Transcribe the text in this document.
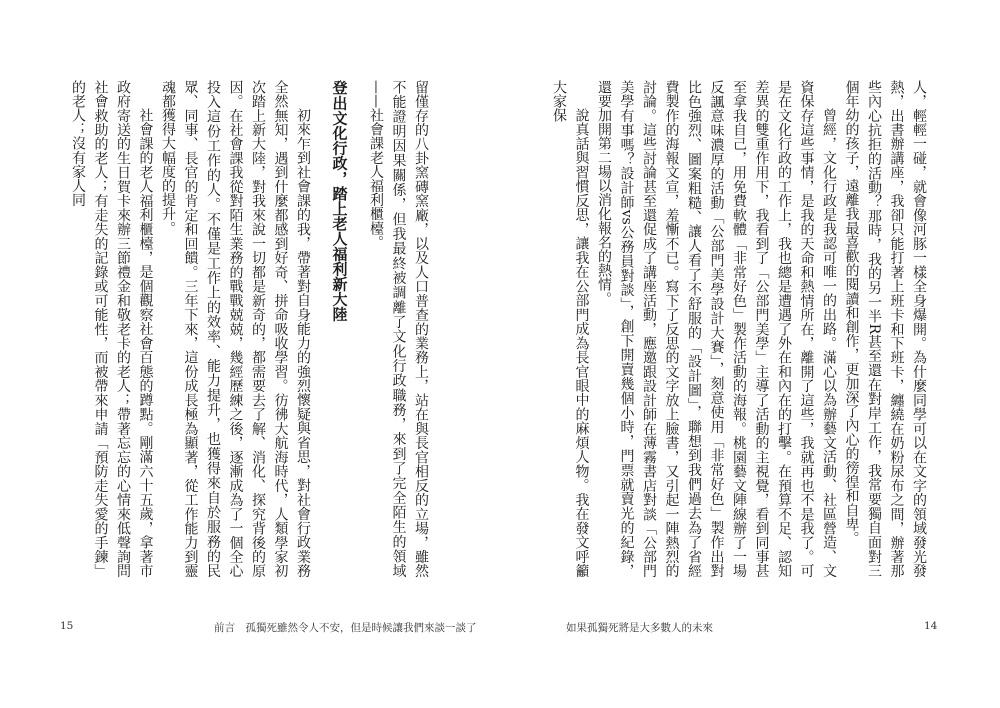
留僅存的八卦窯磚窯廠，以及人口普查的業務上，站在與長官相反的立場，雖然不能證明因果關係，但我最終被調離了文化行政職務，來到了完全陌生的領域——社會課老人福利櫃檯。

登出文化行政，踏上老人福利新大陸

初來乍到社會課的我，帶著對自身能力的強烈懷疑與省思，對社會行政業務全然無知，遇到什麼都感到好奇、拼命吸收學習。彷彿大航海時代，人類學家初次踏上新大陸，對我來說一切都是新奇的，都需要去了解、消化、探究背後的原因。在社會課我從對陌生業務的戰戰兢兢，幾經歷練之後，逐漸成為了一個全心投入這份工作的人。不僅是工作上的效率、能力提升，也獲得來自於服務的民眾、同事、長官的肯定和回饋。三年下來，這份成長極為顯著，從工作能力到靈魂都獲得大幅度的提升。

社會課的老人福利櫃檯，是個觀察社會百態的蹲點。剛滿六十五歲，拿著市政府寄送的生日賀卡來辦三節禮金和敬老卡的老人；帶著忘忘的心情來低聲詢問社會救助的老人；有走失的記錄或可能性，而被帶來申請「預防走失愛的手鍊」的老人；沒有家人同

15	前言　孤獨死雖然令人不安，但是時候讓我們來談一談了

人，輕輕一碰，就會像河豚一樣全身爆開。為什麼同學可以在文字的領域發光發熱，出書辦講座，我卻只能打著上班卡和下班卡，纏繞在奶粉尿布之間，辦著那些內心抗拒的活動？那時，我的另一半R甚至還在對岸工作，我常要獨自面對三個年幼的孩子，遠離我最喜歡的閱讀和創作，更加深了內心的徬徨和自卑。

曾經，文化行政是我認可唯一的出路。滿心以為辦藝文活動、社區營造、文資保存這些事情，是我的天命和熱情所在，離開了這些，我就再也不是我了。可是在文化行政的工作上，我也總是遭遇了外在和內在的打擊。在預算不足、認知差異的雙重作用下，我看到了「公部門美學」主導了活動的主視覺，看到同事甚至拿我自己，用免費軟體「非常好色」製作活動的海報。桃園藝文陣線辦了一場反諷意味濃厚的活動「公部門美學設計大賽」，刻意使用「非常好色」製作出對比色強烈、圖案粗糙、讓人看了不舒服的「設計圖」，聯想到我們過去為了省經費製作的海報文宣，羞慚不已。寫下了反思的文字放上臉書，又引起一陣熱烈的討論。這些討論甚至還促成了講座活動，應邀跟設計師在薄霧書店對談「公部門美學有事嗎？設計師vs公務員對談」，創下開賣幾個小時，門票就賣光的紀錄，還要加開第二場以消化報名的熱情。

說真話與習慣反思，讓我在公部門成為長官眼中的麻煩人物。我在發文呼籲大家保

如果孤獨死將是大多數人的未來	14
